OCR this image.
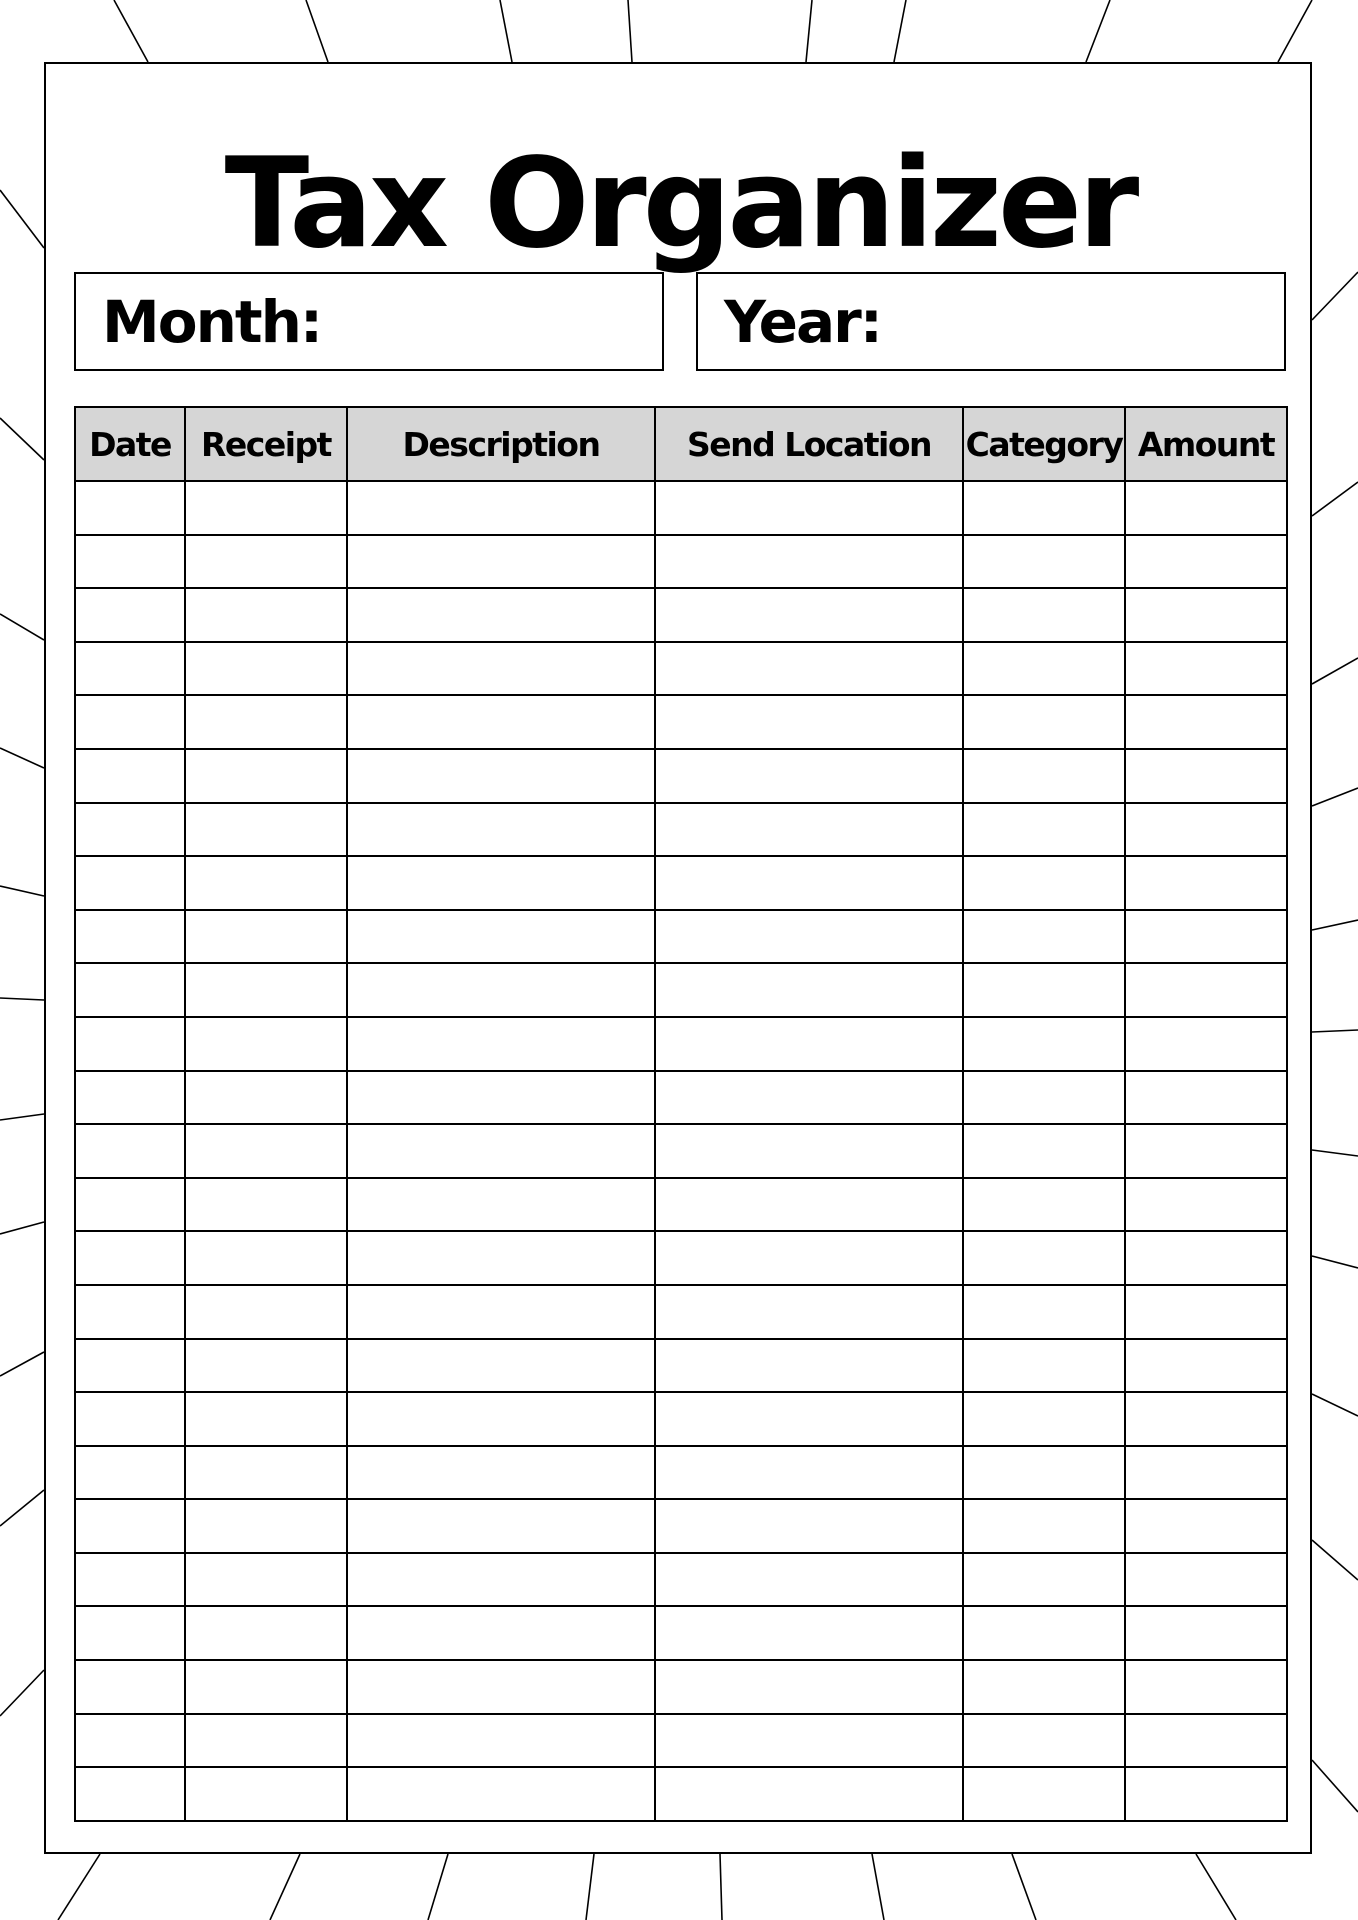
Tax Organizer
Month:	Year:
Date	Receipt	Description	Send Location	Category	Amount
